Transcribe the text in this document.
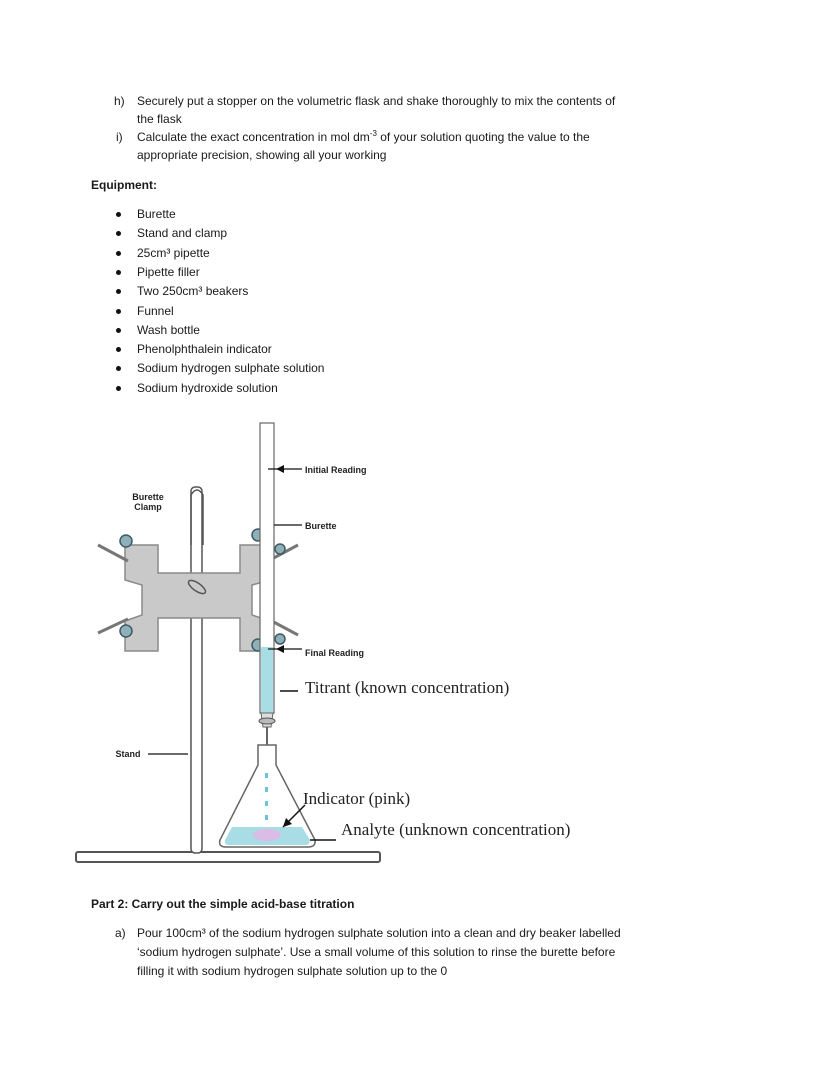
h) Securely put a stopper on the volumetric flask and shake thoroughly to mix the contents of
the flask
i) Calculate the exact concentration in mol $dm^{-3}$ of your solution quoting the value to the
appropriate precision, showing all your working
Equipment:
Burette
Stand and clamp
25cm³ pipette
Pipette filler
Two 250cm³ beakers
Funnel
Wash bottle
Phenolphthalein indicator
Sodium hydrogen sulphate solution
Sodium hydroxide solution
Initial Reading
Burette
Burette
Clamp
Final Reading
Titrant (known concentration)
Stand
Indicator (pink)
Analyte (unknown concentration)
Part 2: Carry out the simple acid-base titration
a) Pour 100cm³ of the sodium hydrogen sulphate solution into a clean and dry beaker labelled
‘sodium hydrogen sulphate’. Use a small volume of this solution to rinse the burette before
filling it with sodium hydrogen sulphate solution up to the 0
